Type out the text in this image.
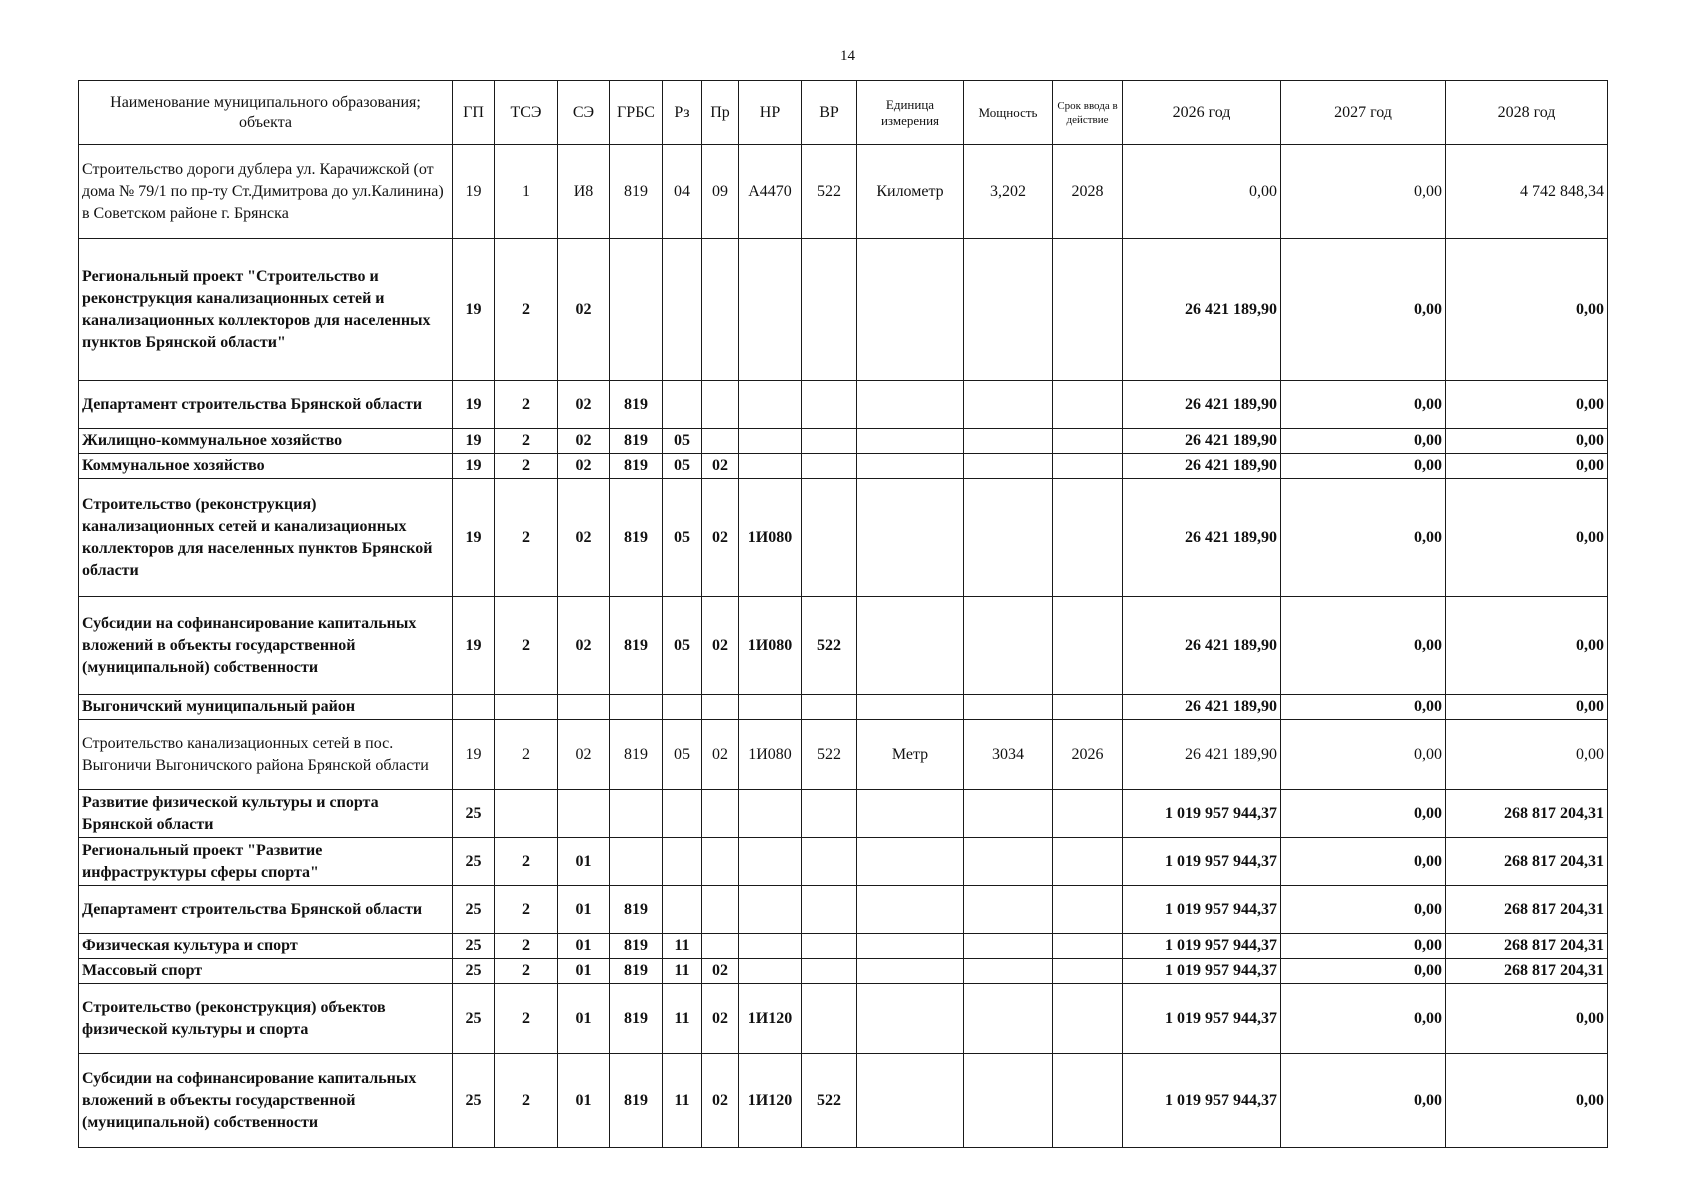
14
Наименование муниципального образования; объекта	ГП	ТСЭ	СЭ	ГРБС	Рз	Пр	НР	ВР	Единица измерения	Мощность	Срок ввода в действие	2026 год	2027 год	2028 год
Строительство дороги дублера ул. Карачижской (от дома № 79/1 по пр-ту Ст.Димитрова до ул.Калинина) в Советском районе г. Брянска	19	1	И8	819	04	09	А4470	522	Километр	3,202	2028	0,00	0,00	4 742 848,34
Региональный проект "Строительство и реконструкция канализационных сетей и канализационных коллекторов для населенных пунктов Брянской области"	19	2	02									26 421 189,90	0,00	0,00
Департамент строительства Брянской области	19	2	02	819								26 421 189,90	0,00	0,00
Жилищно-коммунальное хозяйство	19	2	02	819	05							26 421 189,90	0,00	0,00
Коммунальное хозяйство	19	2	02	819	05	02						26 421 189,90	0,00	0,00
Строительство (реконструкция) канализационных сетей и канализационных коллекторов для населенных пунктов Брянской области	19	2	02	819	05	02	1И080					26 421 189,90	0,00	0,00
Субсидии на софинансирование капитальных вложений в объекты государственной (муниципальной) собственности	19	2	02	819	05	02	1И080	522				26 421 189,90	0,00	0,00
Выгоничский муниципальный район												26 421 189,90	0,00	0,00
Строительство канализационных сетей в пос. Выгоничи Выгоничского района Брянской области	19	2	02	819	05	02	1И080	522	Метр	3034	2026	26 421 189,90	0,00	0,00
Развитие физической культуры и спорта Брянской области	25											1 019 957 944,37	0,00	268 817 204,31
Региональный проект "Развитие инфраструктуры сферы спорта"	25	2	01									1 019 957 944,37	0,00	268 817 204,31
Департамент строительства Брянской области	25	2	01	819								1 019 957 944,37	0,00	268 817 204,31
Физическая культура и спорт	25	2	01	819	11							1 019 957 944,37	0,00	268 817 204,31
Массовый спорт	25	2	01	819	11	02						1 019 957 944,37	0,00	268 817 204,31
Строительство (реконструкция) объектов физической культуры и спорта	25	2	01	819	11	02	1И120					1 019 957 944,37	0,00	0,00
Субсидии на софинансирование капитальных вложений в объекты государственной (муниципальной) собственности	25	2	01	819	11	02	1И120	522				1 019 957 944,37	0,00	0,00
